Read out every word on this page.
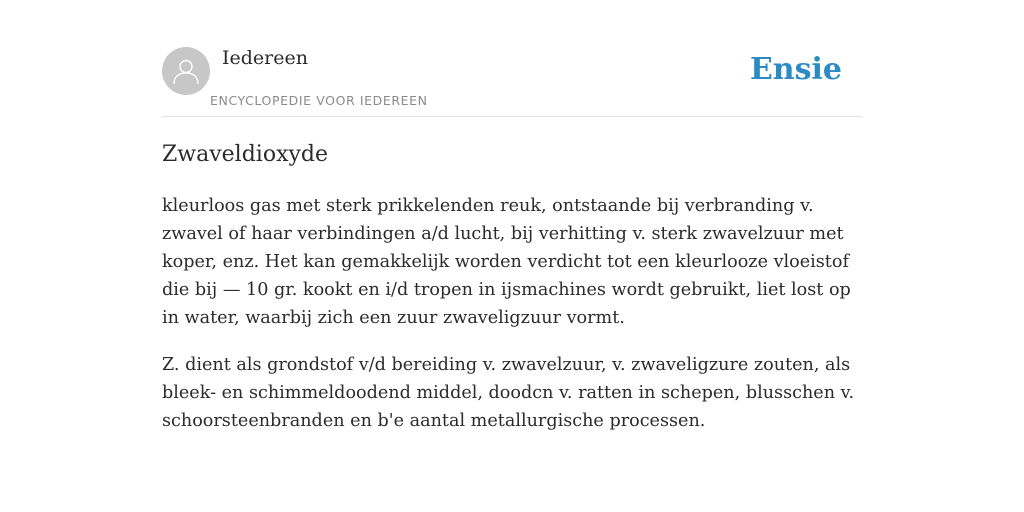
Iedereen
ENCYCLOPEDIE VOOR IEDEREEN
Ensie
Zwaveldioxyde

kleurloos gas met sterk prikkelenden reuk, ontstaande bij verbranding v. zwavel of haar verbindingen a/d lucht, bij verhitting v. sterk zwavelzuur met koper, enz. Het kan gemakkelijk worden verdicht tot een kleurlooze vloeistof die bij — 10 gr. kookt en i/d tropen in ijsmachines wordt gebruikt, liet lost op in water, waarbij zich een zuur zwaveligzuur vormt.

Z. dient als grondstof v/d bereiding v. zwavelzuur, v. zwaveligzure zouten, als bleek- en schimmeldoodend middel, doodcn v. ratten in schepen, blusschen v. schoorsteenbranden en b'e aantal metallurgische processen.
